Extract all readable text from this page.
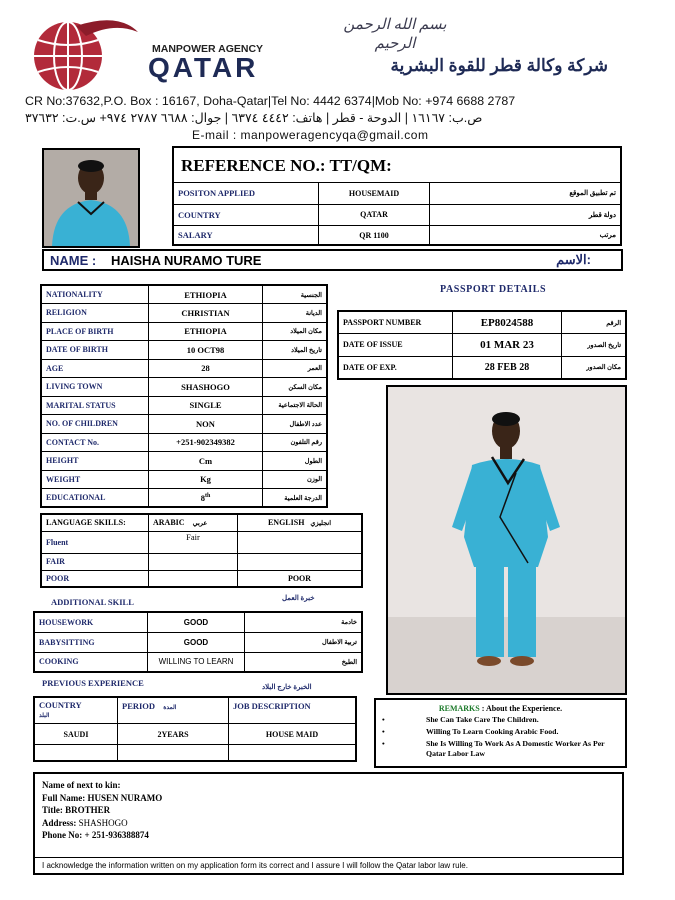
بسم الله الرحمن الرحيم
MANPOWER AGENCY
QATAR	شركة وكالة قطر للقوة البشرية
CR No:37632,P.O. Box : 16167, Doha-Qatar|Tel No: 4442 6374|Mob No: +974 6688 2787
ص.ب: ١٦١٦٧ | الدوحة - قطر | هاتف: ٤٤٤٢ ٦٣٧٤ | جوال: ٦٦٨٨ ٢٧٨٧ ٩٧٤+ س.ت: ٣٧٦٣٢
E-mail : manpoweragencyqa@gmail.com
REFERENCE NO.: TT/QM:
POSITON APPLIED	HOUSEMAID	تم تطبيق الموقع
COUNTRY	QATAR	دولة قطر
SALARY	QR 1100	مرتب
NAME : HAISHA NURAMO TURE	الاسم:
NATIONALITY	ETHIOPIA	الجنسية
RELIGION	CHRISTIAN	الديانة
PLACE OF BIRTH	ETHIOPIA	مكان الميلاد
DATE OF BIRTH	10 OCT98	تاريخ الميلاد
AGE	28	العمر
LIVING TOWN	SHASHOGO	مكان السكن
MARITAL STATUS	SINGLE	الحالة الاجتماعية
NO. OF CHILDREN	NON	عدد الاطفال
CONTACT No.	+251-902349382	رقم التلفون
HEIGHT	Cm	الطول
WEIGHT	Kg	الوزن
EDUCATIONAL	8th	الدرجة العلمية
PASSPORT DETAILS
PASSPORT NUMBER	EP8024588	الرقم
DATE OF ISSUE	01 MAR 23	تاريخ الصدور
DATE OF EXP.	28 FEB 28	مكان الصدور
LANGUAGE SKILLS:	ARABIC عربي	ENGLISH انجليزي
Fluent	Fair	
FAIR		
POOR		POOR
ADDITIONAL SKILL	خبرة العمل
HOUSEWORK	GOOD	خادمة
BABYSITTING	GOOD	تربية الاطفال
COOKING	WILLING TO LEARN	الطبخ
PREVIOUS EXPERIENCE	الخبرة خارج البلاد
COUNTRY
البلد	PERIOD المدة	JOB DESCRIPTION
SAUDI	2YEARS	HOUSE MAID

REMARKS : About the Experience.
•	She Can Take Care The Children.
•	Willing To Learn Cooking Arabic Food.
•	She Is Willing To Work As A Domestic Worker As Per Qatar Labor Law
Name of next to kin:
Full Name: HUSEN NURAMO
Title: BROTHER
Address: SHASHOGO
Phone No: + 251-936388874
I acknowledge the information written on my application form its correct and I assure I will follow the Qatar labor law rule.
